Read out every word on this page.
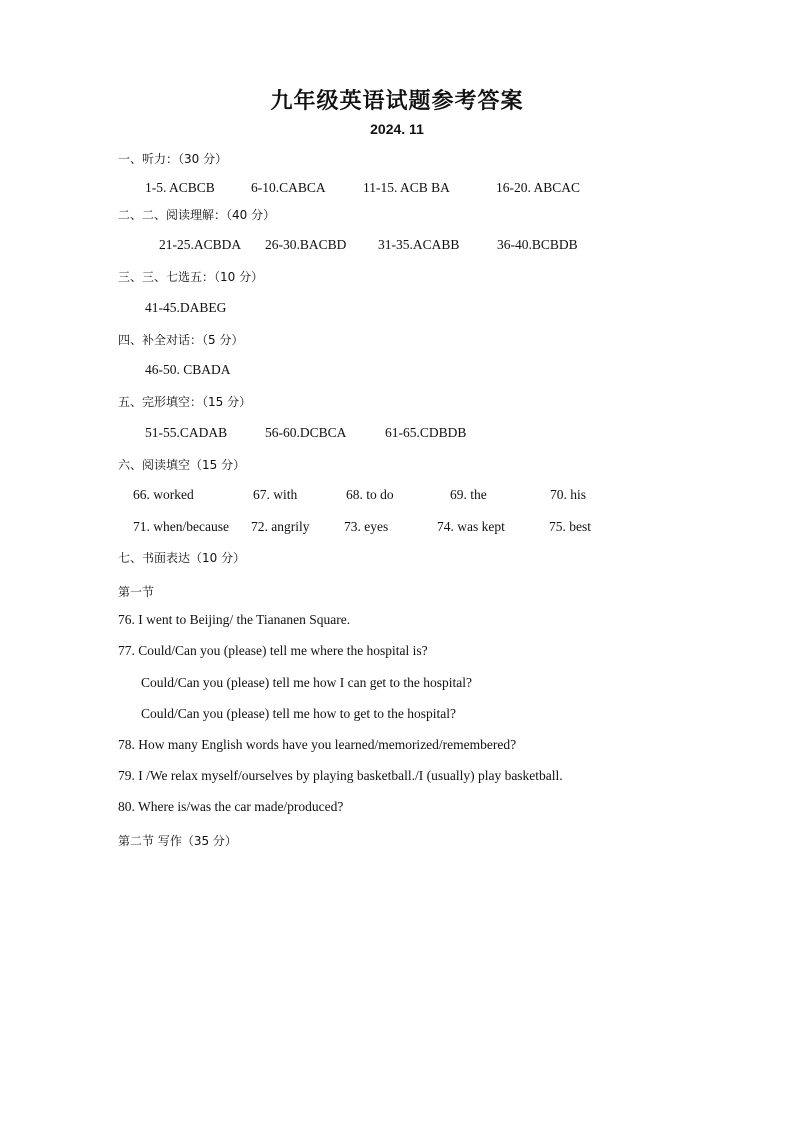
九年级英语试题参考答案
2024. 11
一、听力：（30 分）
1-5. ACBCB	6-10.CABCA	11-15. ACB BA	16-20. ABCAC
二、二、阅读理解：（40 分）
21-25.ACBDA 26-30.BACBD 31-35.ACABB	36-40.BCBDB
三、三、七选五：（10 分）
41-45.DABEG
四、补全对话：（5 分）
46-50. CBADA
五、完形填空：（15 分）
51-55.CADAB	56-60.DCBCA	61-65.CDBDB
六、阅读填空（15 分）
66. worked	67. with	68. to do	69. the	70. his
71. when/because 72. angrily	73. eyes	74. was kept	75. best
七、书面表达（10 分）
第一节
76. I went to Beijing/ the Tiananen Square.
77. Could/Can you (please) tell me where the hospital is?
Could/Can you (please) tell me how I can get to the hospital?
Could/Can you (please) tell me how to get to the hospital?
78. How many English words have you learned/memorized/remembered?
79. I /We relax myself/ourselves by playing basketball./I (usually) play basketball.
80. Where is/was the car made/produced?
第二节 写作（35 分）
